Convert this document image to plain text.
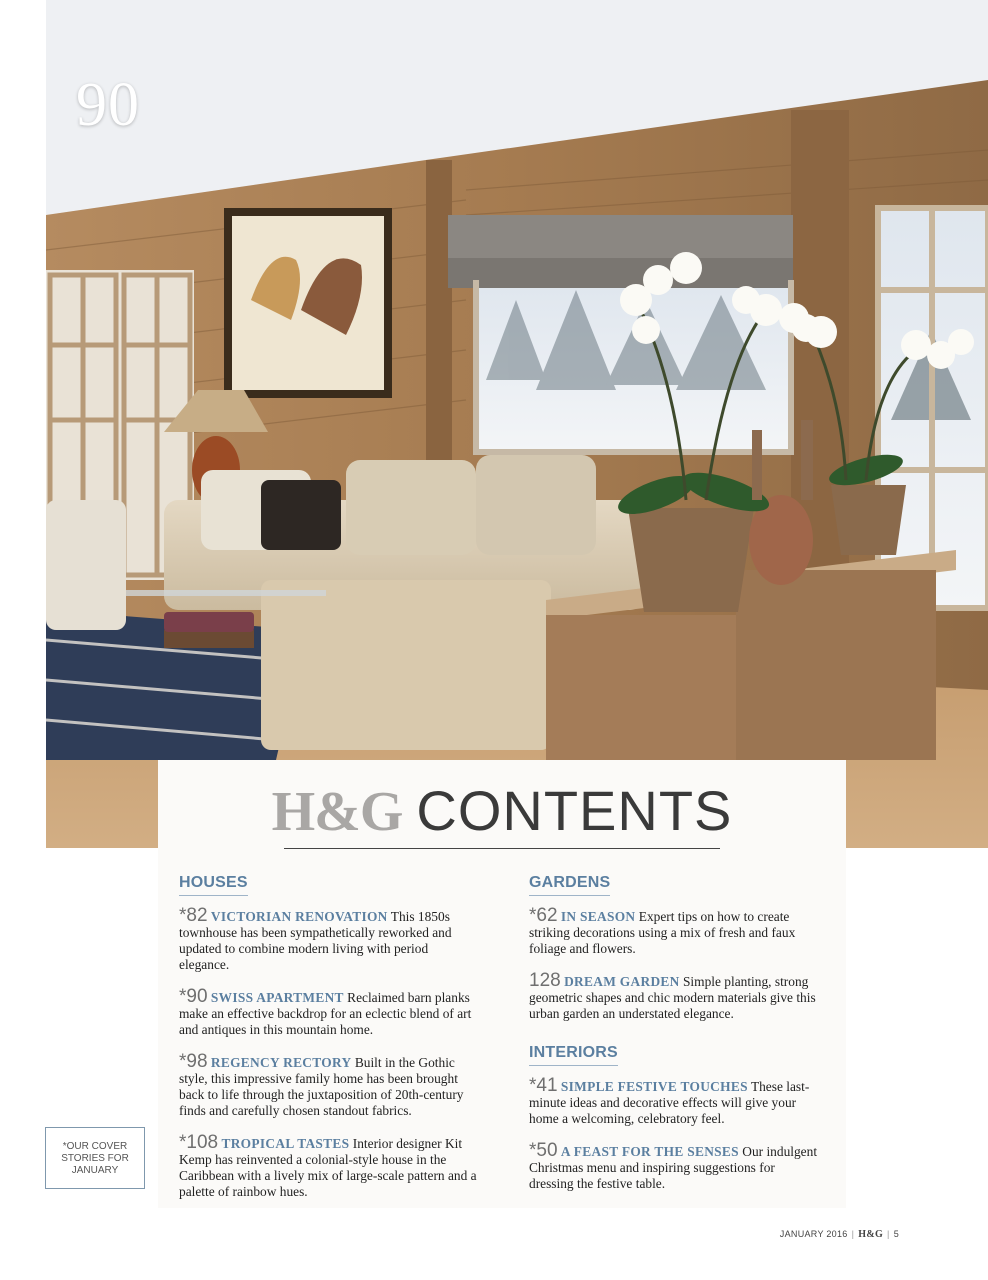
90
H&G CONTENTS
HOUSES

*82 VICTORIAN RENOVATION This 1850s townhouse has been sympathetically reworked and updated to combine modern living with period elegance.

*90 SWISS APARTMENT Reclaimed barn planks make an effective backdrop for an eclectic blend of art and antiques in this mountain home.

*98 REGENCY RECTORY Built in the Gothic style, this impressive family home has been brought back to life through the juxtaposition of 20th-century finds and carefully chosen standout fabrics.

*108 TROPICAL TASTES Interior designer Kit Kemp has reinvented a colonial-style house in the Caribbean with a lively mix of large-scale pattern and a palette of rainbow hues.

GARDENS

*62 IN SEASON Expert tips on how to create striking decorations using a mix of fresh and faux foliage and flowers.

128 DREAM GARDEN Simple planting, strong geometric shapes and chic modern materials give this urban garden an understated elegance.

INTERIORS

*41 SIMPLE FESTIVE TOUCHES These last-minute ideas and decorative effects will give your home a welcoming, celebratory feel.

*50 A FEAST FOR THE SENSES Our indulgent Christmas menu and inspiring suggestions for dressing the festive table.

*OUR COVER
STORIES FOR
JANUARY
JANUARY 2016 | H&G | 5
